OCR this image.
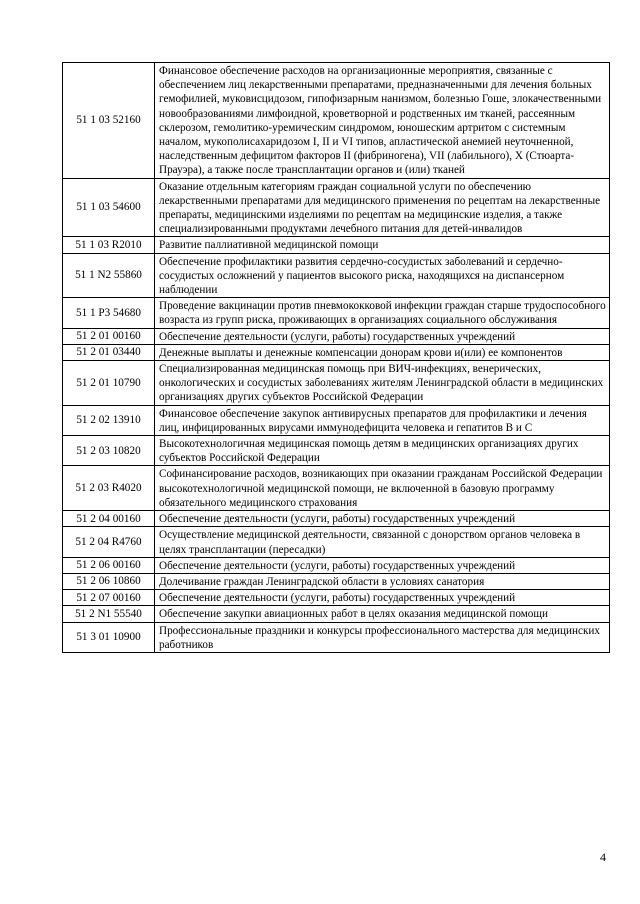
51 1 03 52160	Финансовое обеспечение расходов на организационные мероприятия, связанные с обеспечением лиц лекарственными препаратами, предназначенными для лечения больных гемофилией, муковисцидозом, гипофизарным нанизмом, болезнью Гоше, злокачественными новообразованиями лимфоидной, кроветворной и родственных им тканей, рассеянным склерозом, гемолитико-уремическим синдромом, юношеским артритом с системным началом, мукополисахаридозом I, II и VI типов, апластической анемией неуточненной, наследственным дефицитом факторов II (фибриногена), VII (лабильного), X (Стюарта-Прауэра), а также после трансплантации органов и (или) тканей
51 1 03 54600	Оказание отдельным категориям граждан социальной услуги по обеспечению лекарственными препаратами для медицинского применения по рецептам на лекарственные препараты, медицинскими изделиями по рецептам на медицинские изделия, а также специализированными продуктами лечебного питания для детей-инвалидов
51 1 03 R2010	Развитие паллиативной медицинской помощи
51 1 N2 55860	Обеспечение профилактики развития сердечно-сосудистых заболеваний и сердечно-сосудистых осложнений у пациентов высокого риска, находящихся на диспансерном наблюдении
51 1 P3 54680	Проведение вакцинации против пневмококковой инфекции граждан старше трудоспособного возраста из групп риска, проживающих в организациях социального обслуживания
51 2 01 00160	Обеспечение деятельности (услуги, работы) государственных учреждений
51 2 01 03440	Денежные выплаты и денежные компенсации донорам крови и(или) ее компонентов
51 2 01 10790	Специализированная медицинская помощь при ВИЧ-инфекциях, венерических, онкологических и сосудистых заболеваниях жителям Ленинградской области в медицинских организациях других субъектов Российской Федерации
51 2 02 13910	Финансовое обеспечение закупок антивирусных препаратов для профилактики и лечения лиц, инфицированных вирусами иммунодефицита человека и гепатитов B и C
51 2 03 10820	Высокотехнологичная медицинская помощь детям в медицинских организациях других субъектов Российской Федерации
51 2 03 R4020	Софинансирование расходов, возникающих при оказании гражданам Российской Федерации высокотехнологичной медицинской помощи, не включенной в базовую программу обязательного медицинского страхования
51 2 04 00160	Обеспечение деятельности (услуги, работы) государственных учреждений
51 2 04 R4760	Осуществление медицинской деятельности, связанной с донорством органов человека в целях трансплантации (пересадки)
51 2 06 00160	Обеспечение деятельности (услуги, работы) государственных учреждений
51 2 06 10860	Долечивание граждан Ленинградской области в условиях санатория
51 2 07 00160	Обеспечение деятельности (услуги, работы) государственных учреждений
51 2 N1 55540	Обеспечение закупки авиационных работ в целях оказания медицинской помощи
51 3 01 10900	Профессиональные праздники и конкурсы профессионального мастерства для медицинских работников
4
